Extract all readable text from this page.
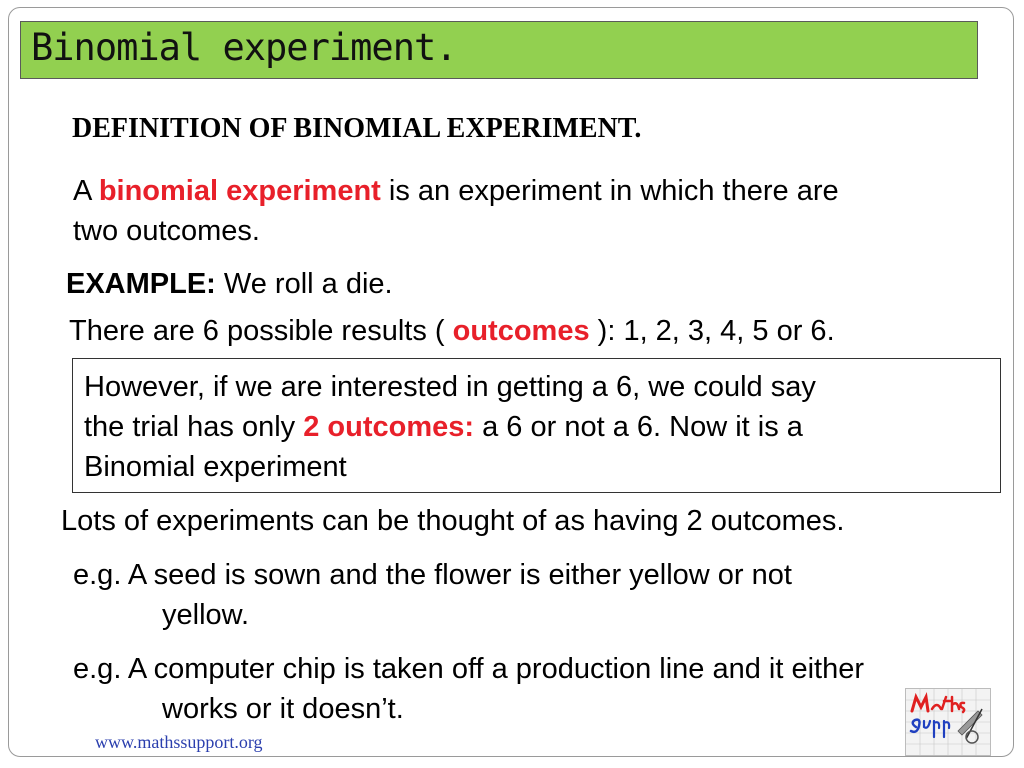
Binomial experiment.
DEFINITION OF BINOMIAL EXPERIMENT.
A binomial experiment is an experiment in which there are
two outcomes.
EXAMPLE: We roll a die.
There are 6 possible results ( outcomes ): 1, 2, 3, 4, 5 or 6.
However, if we are interested in getting a 6, we could say
the trial has only 2 outcomes: a 6 or not a 6. Now it is a
Binomial experiment
Lots of experiments can be thought of as having 2 outcomes.
e.g. A seed is sown and the flower is either yellow or not
yellow.
e.g. A computer chip is taken off a production line and it either
works or it doesn’t.
www.mathssupport.org
